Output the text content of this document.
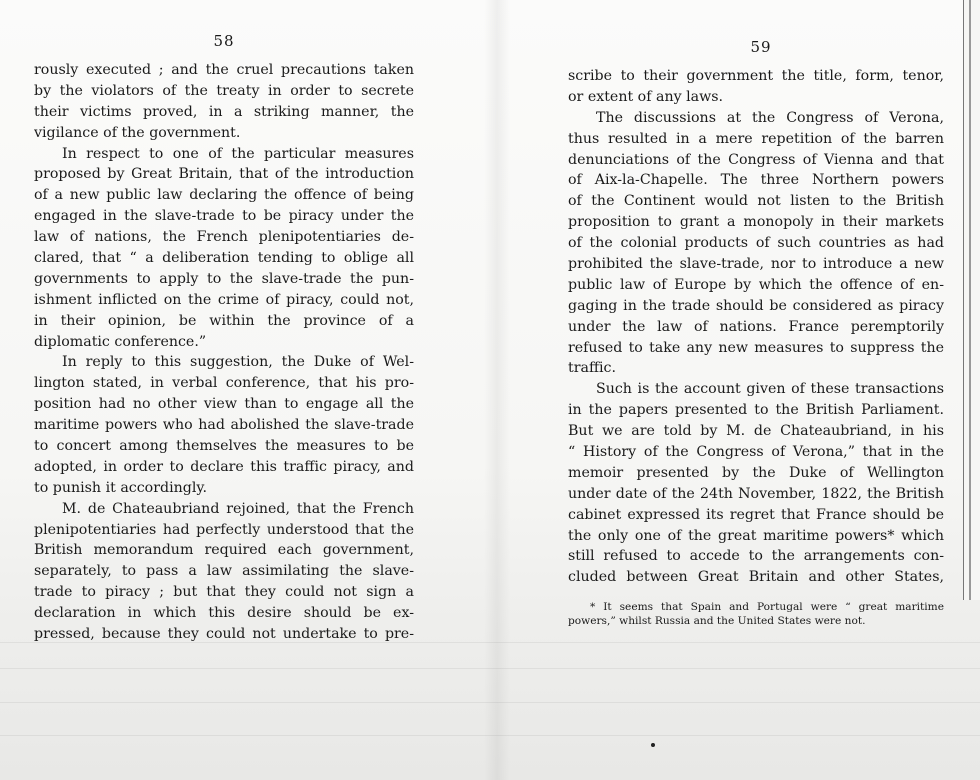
58
rously executed ; and the cruel precautions taken
by the violators of the treaty in order to secrete
their victims proved, in a striking manner, the
vigilance of the government.
In respect to one of the particular measures
proposed by Great Britain, that of the introduction
of a new public law declaring the offence of being
engaged in the slave-trade to be piracy under the
law of nations, the French plenipotentiaries de-
clared, that “ a deliberation tending to oblige all
governments to apply to the slave-trade the pun-
ishment inflicted on the crime of piracy, could not,
in their opinion, be within the province of a
diplomatic conference.”
In reply to this suggestion, the Duke of Wel-
lington stated, in verbal conference, that his pro-
position had no other view than to engage all the
maritime powers who had abolished the slave-trade
to concert among themselves the measures to be
adopted, in order to declare this traffic piracy, and
to punish it accordingly.
M. de Chateaubriand rejoined, that the French
plenipotentiaries had perfectly understood that the
British memorandum required each government,
separately, to pass a law assimilating the slave-
trade to piracy ; but that they could not sign a
declaration in which this desire should be ex-
pressed, because they could not undertake to pre-
59
scribe to their government the title, form, tenor,
or extent of any laws.
The discussions at the Congress of Verona,
thus resulted in a mere repetition of the barren
denunciations of the Congress of Vienna and that
of Aix-la-Chapelle. The three Northern powers
of the Continent would not listen to the British
proposition to grant a monopoly in their markets
of the colonial products of such countries as had
prohibited the slave-trade, nor to introduce a new
public law of Europe by which the offence of en-
gaging in the trade should be considered as piracy
under the law of nations. France peremptorily
refused to take any new measures to suppress the
traffic.
Such is the account given of these transactions
in the papers presented to the British Parliament.
But we are told by M. de Chateaubriand, in his
“ History of the Congress of Verona,” that in the
memoir presented by the Duke of Wellington
under date of the 24th November, 1822, the British
cabinet expressed its regret that France should be
the only one of the great maritime powers* which
still refused to accede to the arrangements con-
cluded between Great Britain and other States,
* It seems that Spain and Portugal were “ great maritime
powers,” whilst Russia and the United States were not.
